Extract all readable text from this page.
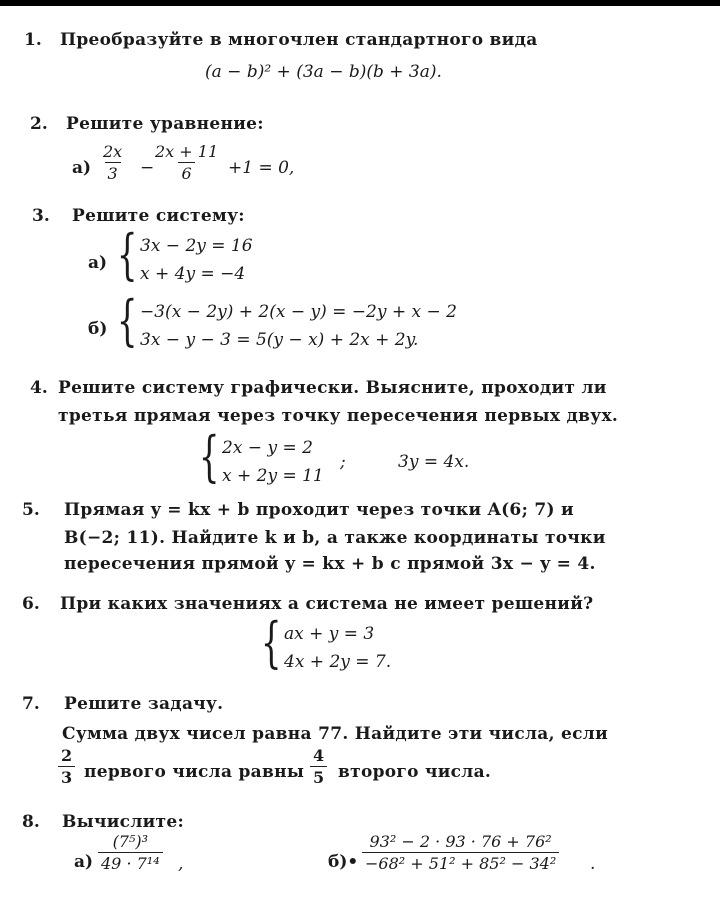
1. Преобразуйте в многочлен стандартного вида
(a − b)² + (3a − b)(b + 3a).
2. Решите уравнение:
$а) \frac{2x}{3}$ −
$\frac{2x + 11}{6} +1 = 0$,
3. Решите систему:
а) { 3x − 2y = 16
x + 4y = −4
б) { −3(x − 2y) + 2(x − y) = −2y + x − 2
3x − y − 3 = 5(y − x) + 2x + 2y.
4. Решите систему графически. Выясните, проходит ли
третья прямая через точку пересечения первых двух.
{ 2x − y = 2
x + 2y = 11
;	3y = 4x.
5. Прямая y = kx + b проходит через точки A(6; 7) и
B(−2; 11). Найдите k и b, а также координаты точки
пересечения прямой y = kx + b с прямой 3x − y = 4.
6. При каких значениях a система не имеет решений?
{ ax + y = 3
4x + 2y = 7.
7. Решите задачу.
Сумма двух чисел равна 77. Найдите эти числа, если
$\frac{2}{3}$ первого числа равны $\frac{4}{5}$ второго числа.
8. Вычислите:
$а) \frac{\text{(7⁵)³}}{\text{49 · 7¹⁴}}$ ,	б)• $\frac{\text{93² − 2 · 93 · 76 + 76²}}{\text{−68² + 51² + 85² − 34²}}$ .
